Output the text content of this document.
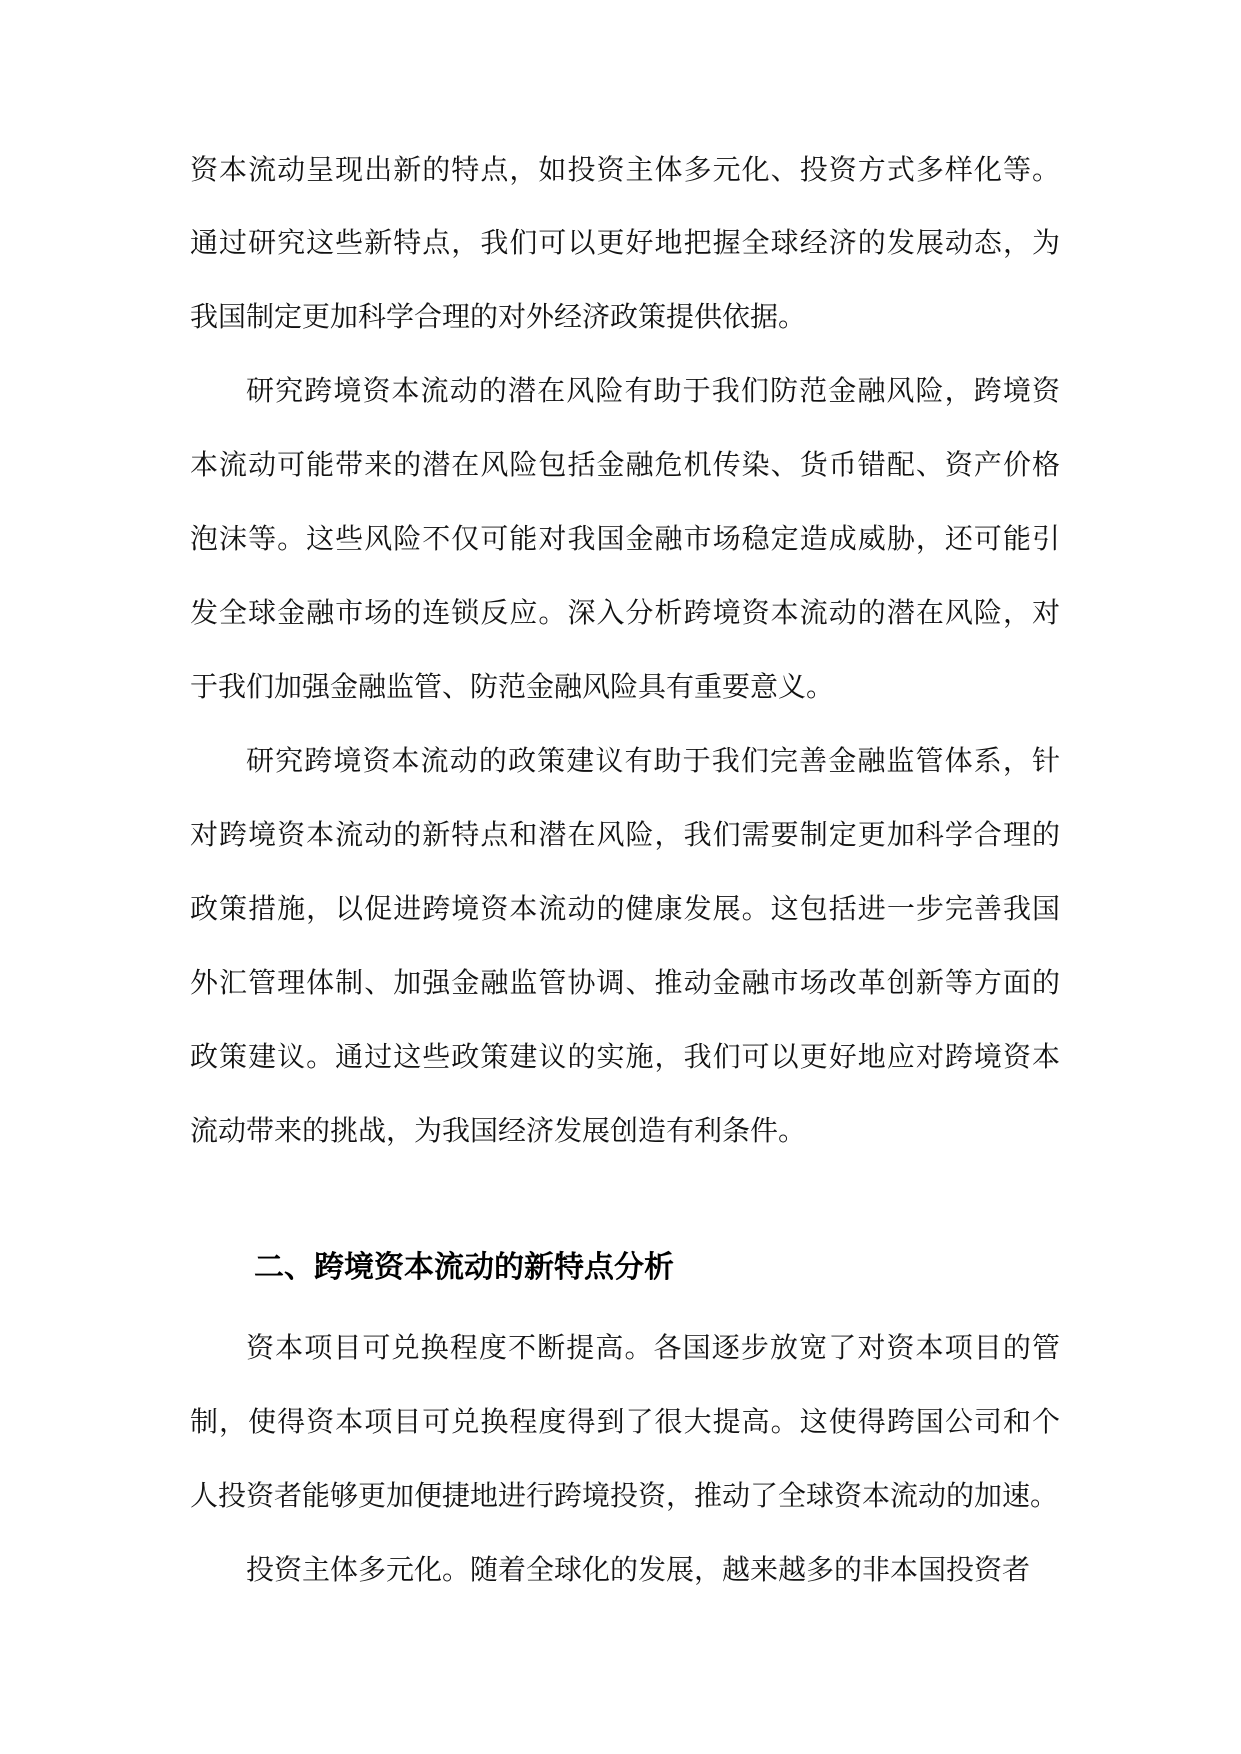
资本流动呈现出新的特点，如投资主体多元化、投资方式多样化等。
通过研究这些新特点，我们可以更好地把握全球经济的发展动态，为
我国制定更加科学合理的对外经济政策提供依据。
研究跨境资本流动的潜在风险有助于我们防范金融风险，跨境资
本流动可能带来的潜在风险包括金融危机传染、货币错配、资产价格
泡沫等。这些风险不仅可能对我国金融市场稳定造成威胁，还可能引
发全球金融市场的连锁反应。深入分析跨境资本流动的潜在风险，对
于我们加强金融监管、防范金融风险具有重要意义。
研究跨境资本流动的政策建议有助于我们完善金融监管体系，针
对跨境资本流动的新特点和潜在风险，我们需要制定更加科学合理的
政策措施，以促进跨境资本流动的健康发展。这包括进一步完善我国
外汇管理体制、加强金融监管协调、推动金融市场改革创新等方面的
政策建议。通过这些政策建议的实施，我们可以更好地应对跨境资本
流动带来的挑战，为我国经济发展创造有利条件。
二、跨境资本流动的新特点分析
资本项目可兑换程度不断提高。各国逐步放宽了对资本项目的管
制，使得资本项目可兑换程度得到了很大提高。这使得跨国公司和个
人投资者能够更加便捷地进行跨境投资，推动了全球资本流动的加速。
投资主体多元化。随着全球化的发展，越来越多的非本国投资者
